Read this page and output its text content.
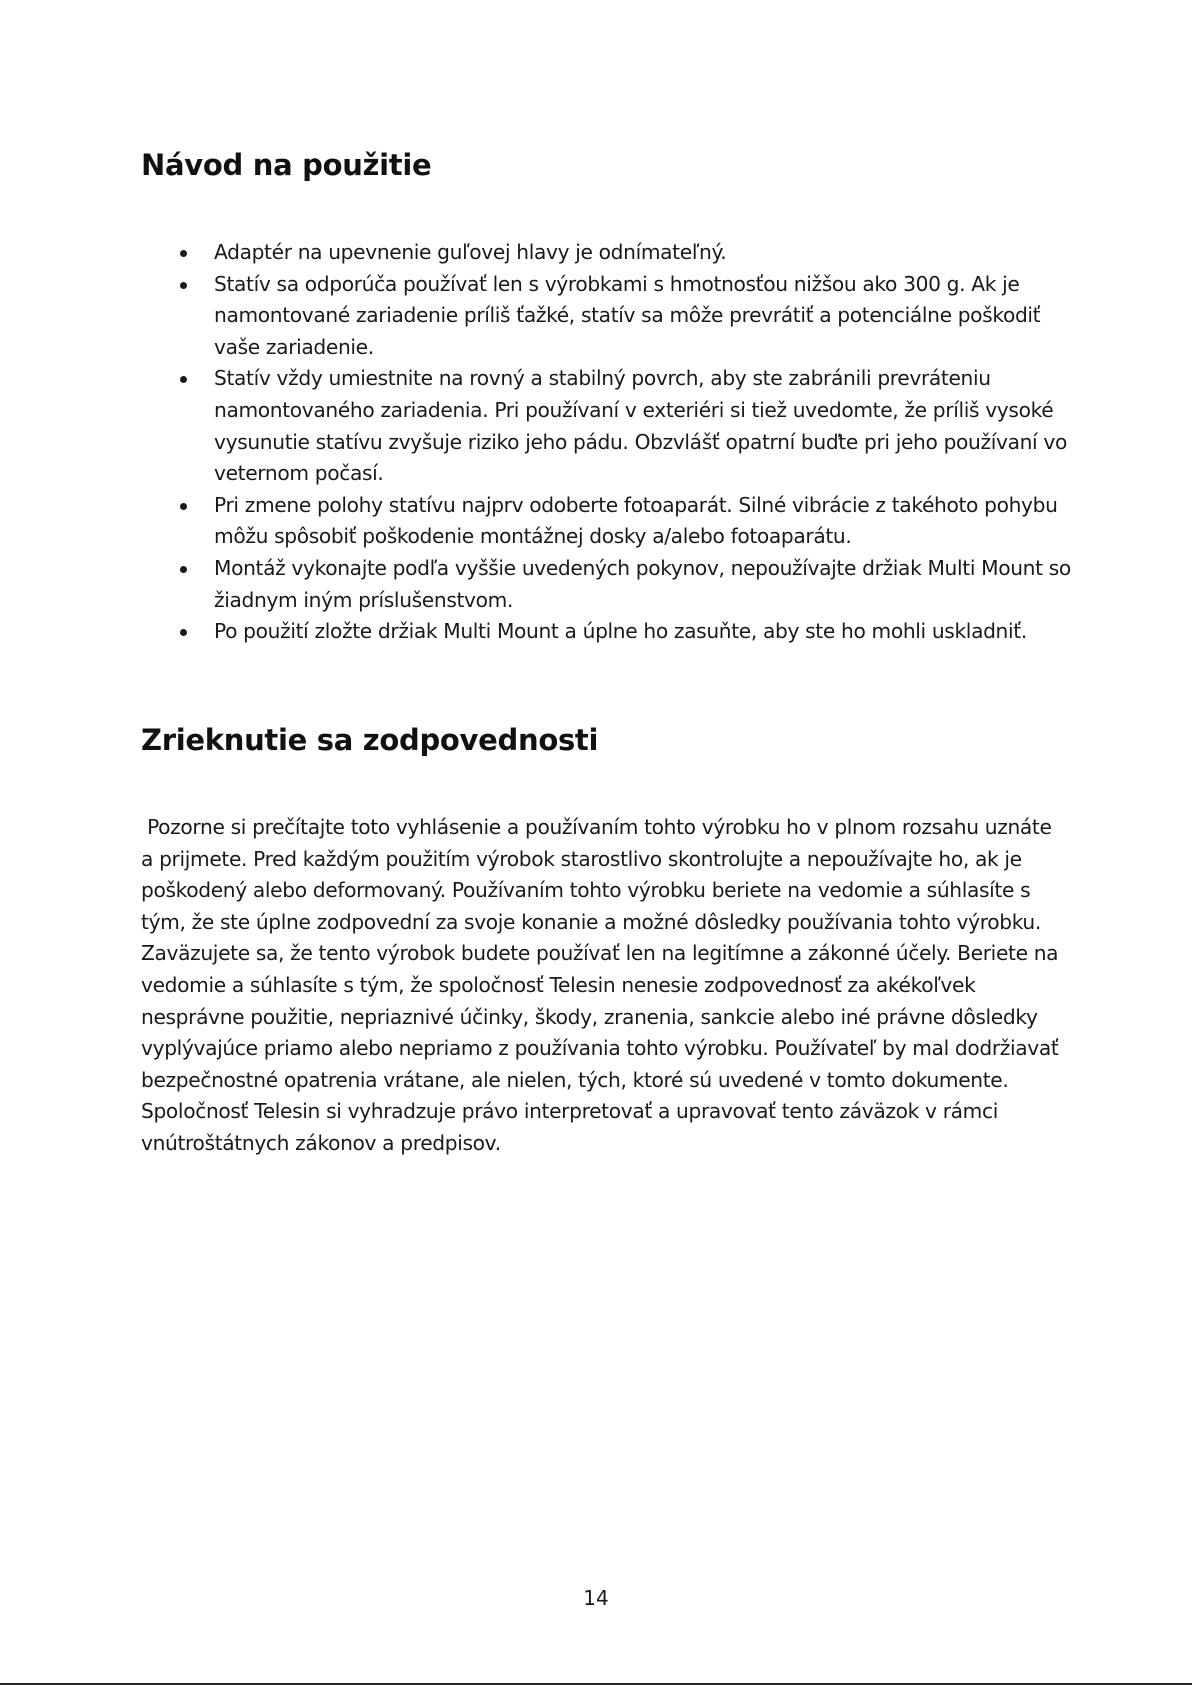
Návod na použitie
Adaptér na upevnenie guľovej hlavy je odnímateľný.
Statív sa odporúča používať len s výrobkami s hmotnosťou nižšou ako 300 g. Ak je namontované zariadenie príliš ťažké, statív sa môže prevrátiť a potenciálne poškodiť vaše zariadenie.
Statív vždy umiestnite na rovný a stabilný povrch, aby ste zabránili prevráteniu namontovaného zariadenia. Pri používaní v exteriéri si tiež uvedomte, že príliš vysoké vysunutie statívu zvyšuje riziko jeho pádu. Obzvlášť opatrní buďte pri jeho používaní vo veternom počasí.
Pri zmene polohy statívu najprv odoberte fotoaparát. Silné vibrácie z takéhoto pohybu môžu spôsobiť poškodenie montážnej dosky a/alebo fotoaparátu.
Montáž vykonajte podľa vyššie uvedených pokynov, nepoužívajte držiak Multi Mount so žiadnym iným príslušenstvom.
Po použití zložte držiak Multi Mount a úplne ho zasuňte, aby ste ho mohli uskladniť.
Zrieknutie sa zodpovednosti

Pozorne si prečítajte toto vyhlásenie a používaním tohto výrobku ho v plnom rozsahu uznáte a prijmete. Pred každým použitím výrobok starostlivo skontrolujte a nepoužívajte ho, ak je poškodený alebo deformovaný. Používaním tohto výrobku beriete na vedomie a súhlasíte s tým, že ste úplne zodpovední za svoje konanie a možné dôsledky používania tohto výrobku. Zaväzujete sa, že tento výrobok budete používať len na legitímne a zákonné účely. Beriete na vedomie a súhlasíte s tým, že spoločnosť Telesin nenesie zodpovednosť za akékoľvek nesprávne použitie, nepriaznivé účinky, škody, zranenia, sankcie alebo iné právne dôsledky vyplývajúce priamo alebo nepriamo z používania tohto výrobku. Používateľ by mal dodržiavať bezpečnostné opatrenia vrátane, ale nielen, tých, ktoré sú uvedené v tomto dokumente. Spoločnosť Telesin si vyhradzuje právo interpretovať a upravovať tento záväzok v rámci vnútroštátnych zákonov a predpisov.

14
